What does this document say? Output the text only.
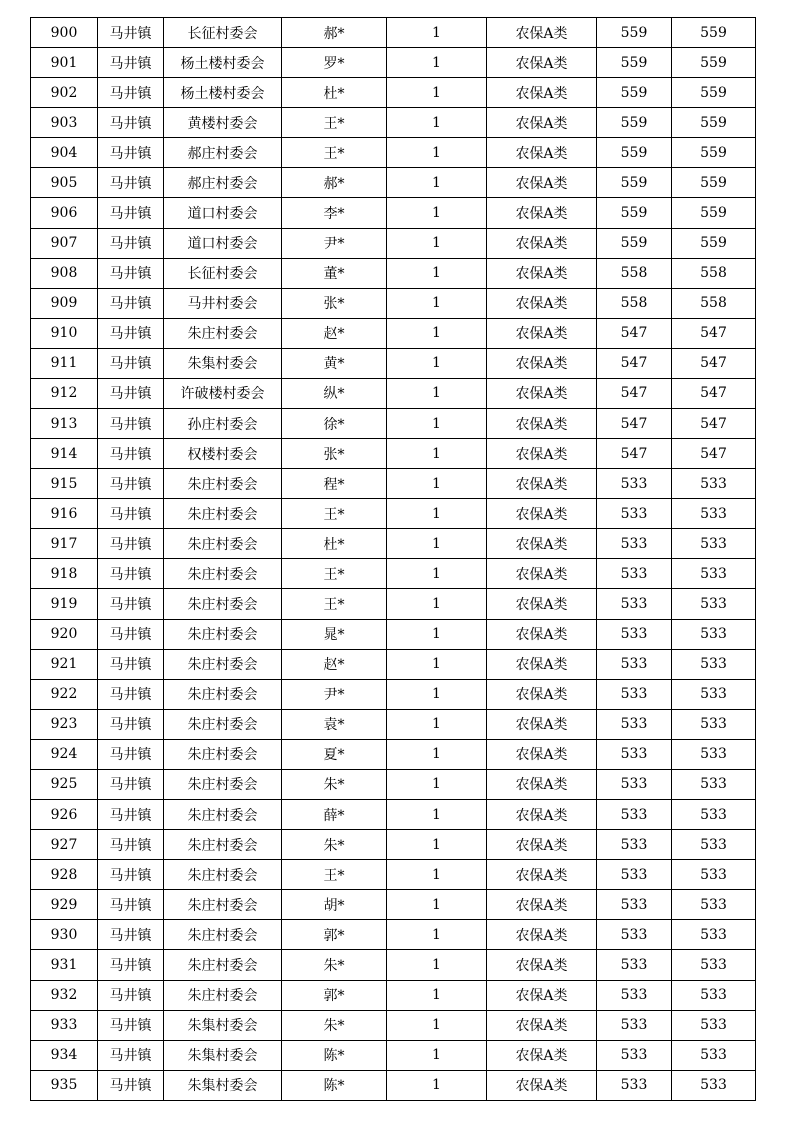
900	马井镇	长征村委会	郝*	1	农保A类	559	559
901	马井镇	杨土楼村委会	罗*	1	农保A类	559	559
902	马井镇	杨土楼村委会	杜*	1	农保A类	559	559
903	马井镇	黄楼村委会	王*	1	农保A类	559	559
904	马井镇	郝庄村委会	王*	1	农保A类	559	559
905	马井镇	郝庄村委会	郝*	1	农保A类	559	559
906	马井镇	道口村委会	李*	1	农保A类	559	559
907	马井镇	道口村委会	尹*	1	农保A类	559	559
908	马井镇	长征村委会	董*	1	农保A类	558	558
909	马井镇	马井村委会	张*	1	农保A类	558	558
910	马井镇	朱庄村委会	赵*	1	农保A类	547	547
911	马井镇	朱集村委会	黄*	1	农保A类	547	547
912	马井镇	许破楼村委会	纵*	1	农保A类	547	547
913	马井镇	孙庄村委会	徐*	1	农保A类	547	547
914	马井镇	权楼村委会	张*	1	农保A类	547	547
915	马井镇	朱庄村委会	程*	1	农保A类	533	533
916	马井镇	朱庄村委会	王*	1	农保A类	533	533
917	马井镇	朱庄村委会	杜*	1	农保A类	533	533
918	马井镇	朱庄村委会	王*	1	农保A类	533	533
919	马井镇	朱庄村委会	王*	1	农保A类	533	533
920	马井镇	朱庄村委会	晁*	1	农保A类	533	533
921	马井镇	朱庄村委会	赵*	1	农保A类	533	533
922	马井镇	朱庄村委会	尹*	1	农保A类	533	533
923	马井镇	朱庄村委会	袁*	1	农保A类	533	533
924	马井镇	朱庄村委会	夏*	1	农保A类	533	533
925	马井镇	朱庄村委会	朱*	1	农保A类	533	533
926	马井镇	朱庄村委会	薛*	1	农保A类	533	533
927	马井镇	朱庄村委会	朱*	1	农保A类	533	533
928	马井镇	朱庄村委会	王*	1	农保A类	533	533
929	马井镇	朱庄村委会	胡*	1	农保A类	533	533
930	马井镇	朱庄村委会	郭*	1	农保A类	533	533
931	马井镇	朱庄村委会	朱*	1	农保A类	533	533
932	马井镇	朱庄村委会	郭*	1	农保A类	533	533
933	马井镇	朱集村委会	朱*	1	农保A类	533	533
934	马井镇	朱集村委会	陈*	1	农保A类	533	533
935	马井镇	朱集村委会	陈*	1	农保A类	533	533
